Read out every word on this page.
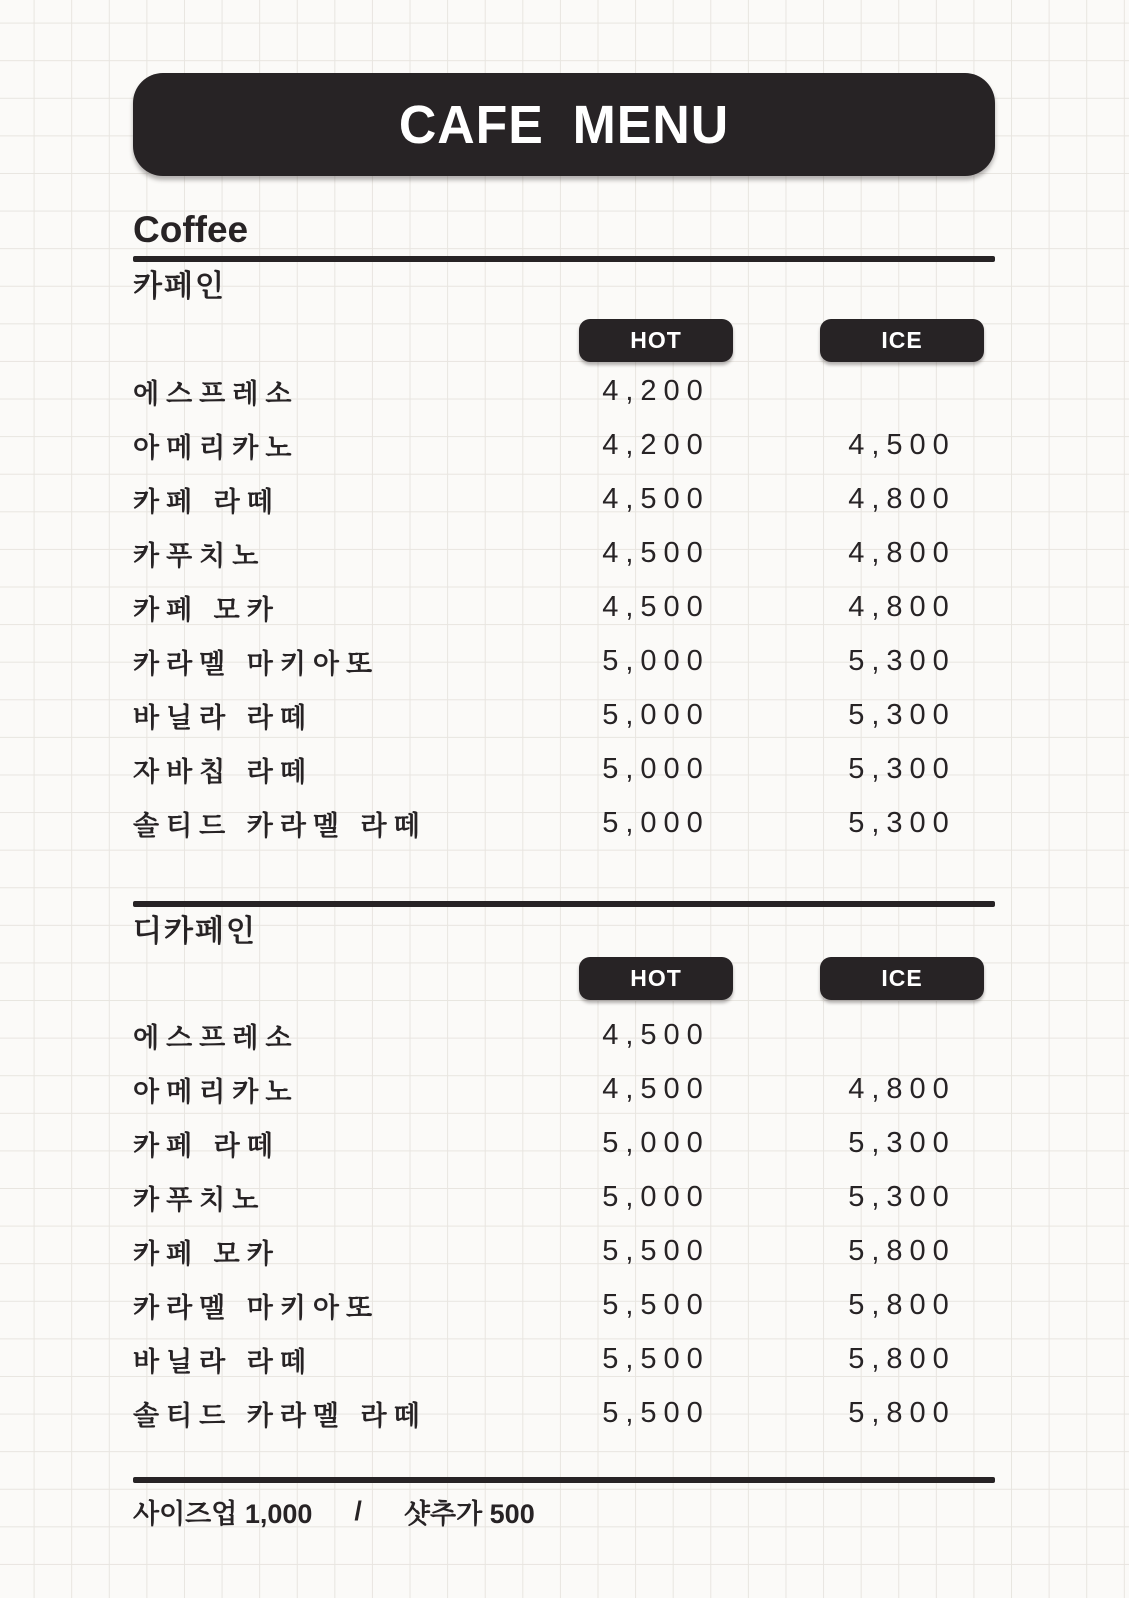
CAFE MENU
Coffee
카페인
HOT	ICE
에스프레소	4,200
아메리카노	4,200	4,500
카페 라떼	4,500	4,800
카푸치노	4,500	4,800
카페 모카	4,500	4,800
카라멜 마키아또	5,000	5,300
바닐라 라떼	5,000	5,300
자바칩 라떼	5,000	5,300
솔티드 카라멜 라떼	5,000	5,300
디카페인
HOT	ICE
에스프레소	4,500
아메리카노	4,500	4,800
카페 라떼	5,000	5,300
카푸치노	5,000	5,300
카페 모카	5,500	5,800
카라멜 마키아또	5,500	5,800
바닐라 라떼	5,500	5,800
솔티드 카라멜 라떼	5,500	5,800
사이즈업 1,000 / 샷추가 500
